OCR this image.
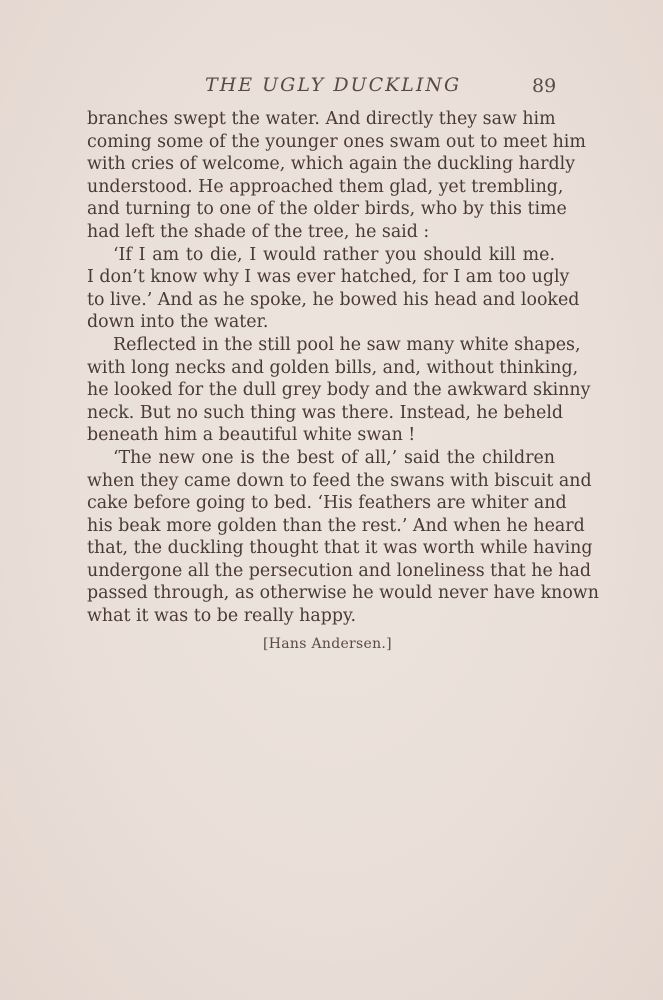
THE UGLY DUCKLING	89
branches swept the water. And directly they saw him
coming some of the younger ones swam out to meet him
with cries of welcome, which again the duckling hardly
understood. He approached them glad, yet trembling,
and turning to one of the older birds, who by this time
had left the shade of the tree, he said :
‘If I am to die, I would rather you should kill me.
I don’t know why I was ever hatched, for I am too ugly
to live.’ And as he spoke, he bowed his head and looked
down into the water.
Reflected in the still pool he saw many white shapes,
with long necks and golden bills, and, without thinking,
he looked for the dull grey body and the awkward skinny
neck. But no such thing was there. Instead, he beheld
beneath him a beautiful white swan !
‘The new one is the best of all,’ said the children
when they came down to feed the swans with biscuit and
cake before going to bed. ‘His feathers are whiter and
his beak more golden than the rest.’ And when he heard
that, the duckling thought that it was worth while having
undergone all the persecution and loneliness that he had
passed through, as otherwise he would never have known
what it was to be really happy.
[Hans Andersen.]
